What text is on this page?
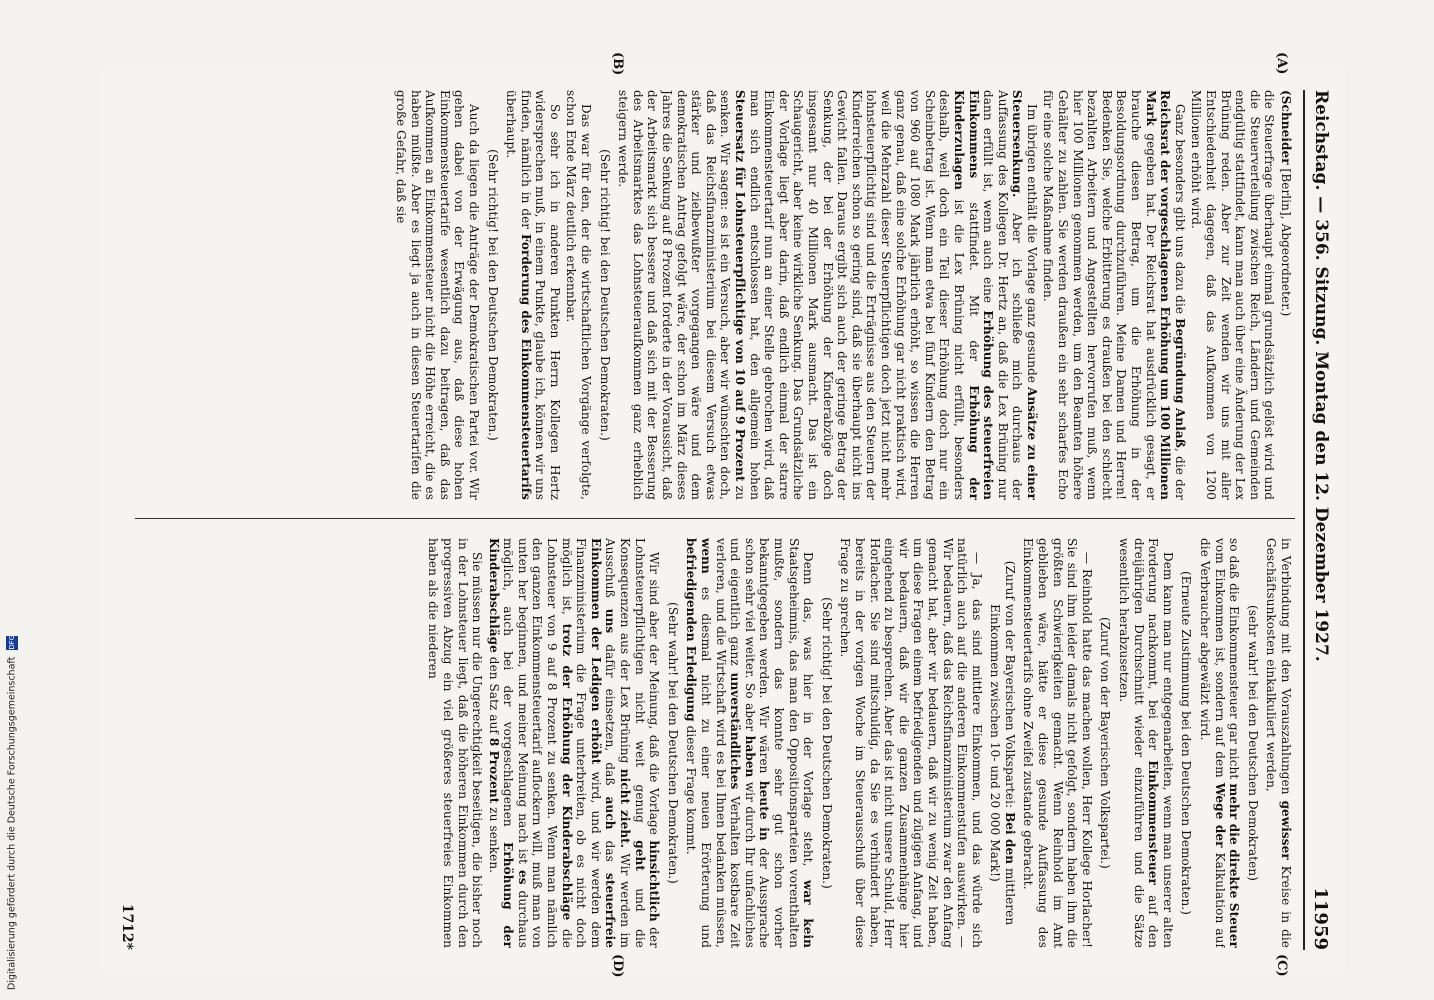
Reichstag. — 356. Sitzung. Montag den 12. Dezember 1927.
11959
(A)
(B)
(C)
(D)

(Schneider [Berlin], Abgeordneter.)

die Steuerfrage überhaupt einmal grundsätzlich gelöst wird und die Steuerverteilung zwischen Reich, Ländern und Gemeinden endgültig stattfindet, kann man auch über eine Änderung der Lex Brüning reden. Aber zur Zeit wenden wir uns mit aller Entschiedenheit dagegen, daß das Aufkommen von 1200 Millionen erhöht wird.

Ganz besonders gibt uns dazu die Begründung Anlaß, die der Reichsrat der vorgeschlagenen Erhöhung um 100 Millionen Mark gegeben hat. Der Reichsrat hat ausdrücklich gesagt, er brauche diesen Betrag, um die Erhöhung in der Besoldungsordnung durchzuführen. Meine Damen und Herren! Bedenken Sie, welche Erbitterung es draußen bei den schlecht bezahlten Arbeitern und Angestellten hervorrufen muß, wenn hier 100 Millionen genommen werden, um den Beamten höhere Gehälter zu zahlen. Sie werden draußen ein sehr scharfes Echo für eine solche Maßnahme finden.

Im übrigen enthält die Vorlage ganz gesunde Ansätze zu einer Steuersenkung. Aber ich schließe mich durchaus der Auffassung des Kollegen Dr. Hertz an, daß die Lex Brüning nur dann erfüllt ist, wenn auch eine Erhöhung des steuerfreien Einkommens stattfindet. Mit der Erhöhung der Kinderzulagen ist die Lex Brüning nicht erfüllt, besonders deshalb, weil doch ein Teil dieser Erhöhung doch nur ein Scheinbetrag ist. Wenn man etwa bei fünf Kindern den Betrag von 960 auf 1080 Mark jährlich erhöht, so wissen die Herren ganz genau, daß eine solche Erhöhung gar nicht praktisch wird, weil die Mehrzahl dieser Steuerpflichtigen doch jetzt nicht mehr lohnsteuerpflichtig sind und die Erträgnisse aus den Steuern der Kinderreichen schon so gering sind, daß sie überhaupt nicht ins Gewicht fallen. Daraus ergibt sich auch der geringe Betrag der Senkung, der bei der Erhöhung der Kinderabzüge doch insgesamt nur 40 Millionen Mark ausmacht. Das ist ein Schaugericht, aber keine wirkliche Senkung. Das Grundsätzliche der Vorlage liegt aber darin, daß endlich einmal der starre Einkommensteuertarif nun an einer Stelle gebrochen wird, daß man sich endlich entschlossen hat, den allgemein hohen Steuersatz für Lohnsteuerpflichtige von 10 auf 9 Prozent zu senken. Wir sagen: es ist ein Versuch, aber wir wünschten doch, daß das Reichsfinanzministerium bei diesem Versuch etwas stärker und zielbewußter vorgegangen wäre und dem demokratischen Antrag gefolgt wäre, der schon im März dieses Jahres die Senkung auf 8 Prozent forderte in der Voraussicht, daß der Arbeitsmarkt sich bessere und daß sich mit der Besserung des Arbeitsmarktes das Lohnsteueraufkommen ganz erheblich steigern werde.

(Sehr richtig! bei den Deutschen Demokraten.)

Das war für den, der die wirtschaftlichen Vorgänge verfolgte, schon Ende März deutlich erkennbar.

So sehr ich in anderen Punkten Herrn Kollegen Hertz widersprechen muß, in einem Punkte, glaube ich, können wir uns finden, nämlich in der Forderung des Einkommensteuertarifs überhaupt.

(Sehr richtig! bei den Deutschen Demokraten.)

Auch da liegen die Anträge der Demokratischen Partei vor. Wir gehen dabei von der Erwägung aus, daß diese hohen Einkommensteuertarife wesentlich dazu beitragen, daß das Aufkommen an Einkommensteuer nicht die Höhe erreicht, die es haben müßte. Aber es liegt ja auch in diesen Steuertarifen die große Gefahr, daß sie

in Verbindung mit den Vorauszahlungen gewisser Kreise in die Geschäftsunkosten einkalkuliert werden,

(sehr wahr! bei den Deutschen Demokraten)

so daß die Einkommensteuer gar nicht mehr die direkte Steuer vom Einkommen ist, sondern auf dem Wege der Kalkulation auf die Verbraucher abgewälzt wird.

(Erneute Zustimmung bei den Deutschen Demokraten.)

Dem kann man nur entgegenarbeiten, wenn man unserer alten Forderung nachkommt, bei der Einkommensteuer auf den dreijährigen Durchschnitt wieder einzuführen und die Sätze wesentlich herabzusetzen.

(Zuruf von der Bayerischen Volkspartei.)

— Reinhold hatte das machen wollen, Herr Kollege Horlacher! Sie sind ihm leider damals nicht gefolgt, sondern haben ihm die größten Schwierigkeiten gemacht. Wenn Reinhold im Amt geblieben wäre, hätte er diese gesunde Auffassung des Einkommensteuertarifs ohne Zweifel zustande gebracht.

(Zuruf von der Bayerischen Volkspartei: Bei den mittleren Einkommen zwischen 10- und 20 000 Mark!)

— Ja, das sind mittlere Einkommen, und das würde sich natürlich auch auf die anderen Einkommenstufen auswirken. — Wir bedauern, daß das Reichsfinanzministerium zwar den Anfang gemacht hat, aber wir bedauern, daß wir zu wenig Zeit haben, um diese Fragen einem befriedigenden und zügigen Anfang, und wir bedauern, daß wir die ganzen Zusammenhänge hier eingehend zu besprechen. Aber das ist nicht unsere Schuld, Herr Horlacher. Sie sind mitschuldig, da Sie es verhindert haben, bereits in der vorigen Woche im Steuerausschuß über diese Frage zu sprechen.

(Sehr richtig! bei den Deutschen Demokraten.)

Denn das, was hier in der Vorlage steht, war kein Staatsgeheimnis, das man den Oppositionsparteien vorenthalten mußte, sondern das konnte sehr gut schon vorher bekanntgegeben werden. Wir wären heute in der Aussprache schon sehr viel weiter. So aber haben wir durch Ihr unfachliches und eigentlich ganz unverständliches Verhalten kostbare Zeit verloren, und die Wirtschaft wird es bei Ihnen bedanken müssen, wenn es diesmal nicht zu einer neuen Erörterung und befriedigenden Erledigung dieser Frage kommt.

(Sehr wahr! bei den Deutschen Demokraten.)

Wir sind aber der Meinung, daß die Vorlage hinsichtlich der Lohnsteuerpflichtigen nicht weit genug geht und die Konsequenzen aus der Lex Brüning nicht zieht. Wir werden im Ausschuß uns dafür einsetzen, daß auch das steuerfreie Einkommen der Ledigen erhöht wird, und wir werden dem Finanzministerium die Frage unterbreiten, ob es nicht doch möglich ist, trotz der Erhöhung der Kinderabschläge die Lohnsteuer von 9 auf 8 Prozent zu senken. Wenn man nämlich den ganzen Einkommensteuertarif auflockern will, muß man von unten her beginnen, und meiner Meinung nach ist es durchaus möglich, auch bei der vorgeschlagenen Erhöhung der Kinderabschläge den Satz auf 8 Prozent zu senken.

Sie müssen nur die Ungerechtigkeit beseitigen, die bisher noch in der Lohnsteuer liegt, daß die höheren Einkommen durch den progressiven Abzug ein viel größeres steuerfreies Einkommen haben als die niederen

1712*
Digitalisierung gefördert durch die Deutsche Forschungsgemeinschaft DFG
